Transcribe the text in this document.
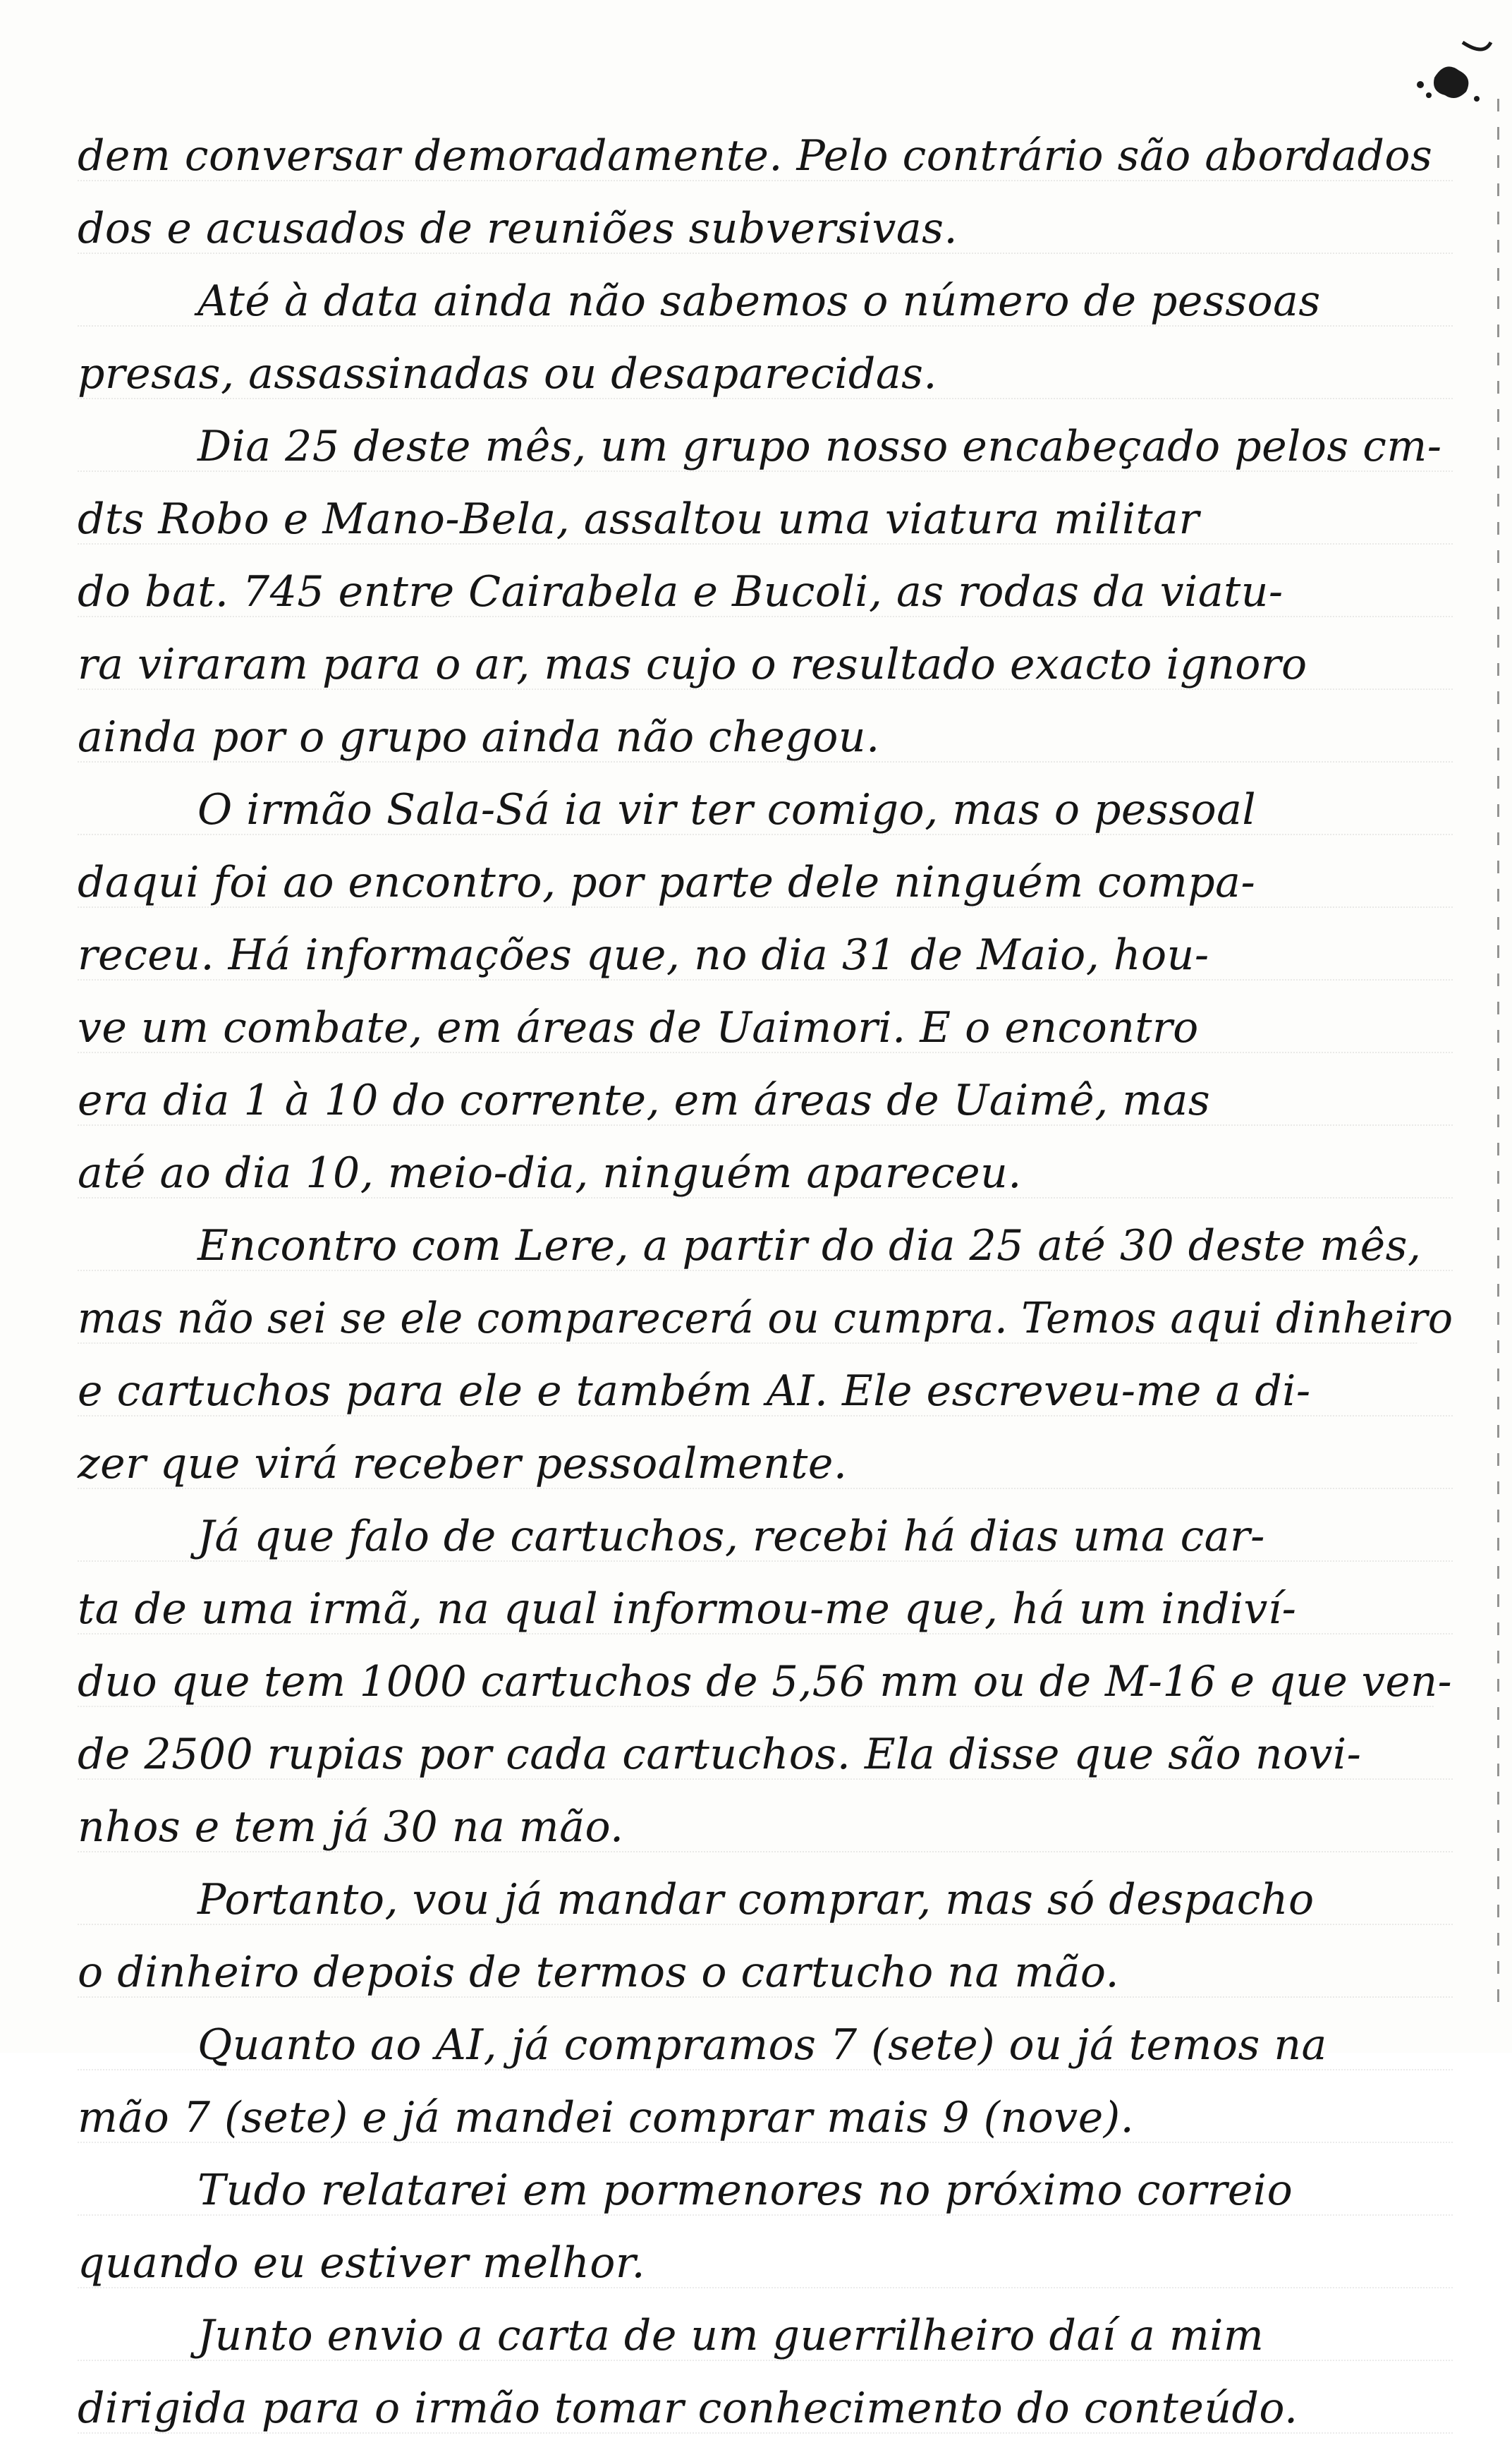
dem conversar demoradamente. Pelo contrário são abordados
dos e acusados de reuniões subversivas.
Até à data ainda não sabemos o número de pessoas
presas, assassinadas ou desaparecidas.
Dia 25 deste mês, um grupo nosso encabeçado pelos cm-
dts Robo e Mano-Bela, assaltou uma viatura militar
do bat. 745 entre Cairabela e Bucoli, as rodas da viatu-
ra viraram para o ar, mas cujo o resultado exacto ignoro
ainda por o grupo ainda não chegou.
O irmão Sala-Sá ia vir ter comigo, mas o pessoal
daqui foi ao encontro, por parte dele ninguém compa-
receu. Há informações que, no dia 31 de Maio, hou-
ve um combate, em áreas de Uaimori. E o encontro
era dia 1 à 10 do corrente, em áreas de Uaimê, mas
até ao dia 10, meio-dia, ninguém apareceu.
Encontro com Lere, a partir do dia 25 até 30 deste mês,
mas não sei se ele comparecerá ou cumpra. Temos aqui dinheiro
e cartuchos para ele e também AI. Ele escreveu-me a di-
zer que virá receber pessoalmente.
Já que falo de cartuchos, recebi há dias uma car-
ta de uma irmã, na qual informou-me que, há um indiví-
duo que tem 1000 cartuchos de 5,56 mm ou de M-16 e que ven-
de 2500 rupias por cada cartuchos. Ela disse que são novi-
nhos e tem já 30 na mão.
Portanto, vou já mandar comprar, mas só despacho
o dinheiro depois de termos o cartucho na mão.
Quanto ao AI, já compramos 7 (sete) ou já temos na
mão 7 (sete) e já mandei comprar mais 9 (nove).
Tudo relatarei em pormenores no próximo correio
quando eu estiver melhor.
Junto envio a carta de um guerrilheiro daí a mim
dirigida para o irmão tomar conhecimento do conteúdo.
